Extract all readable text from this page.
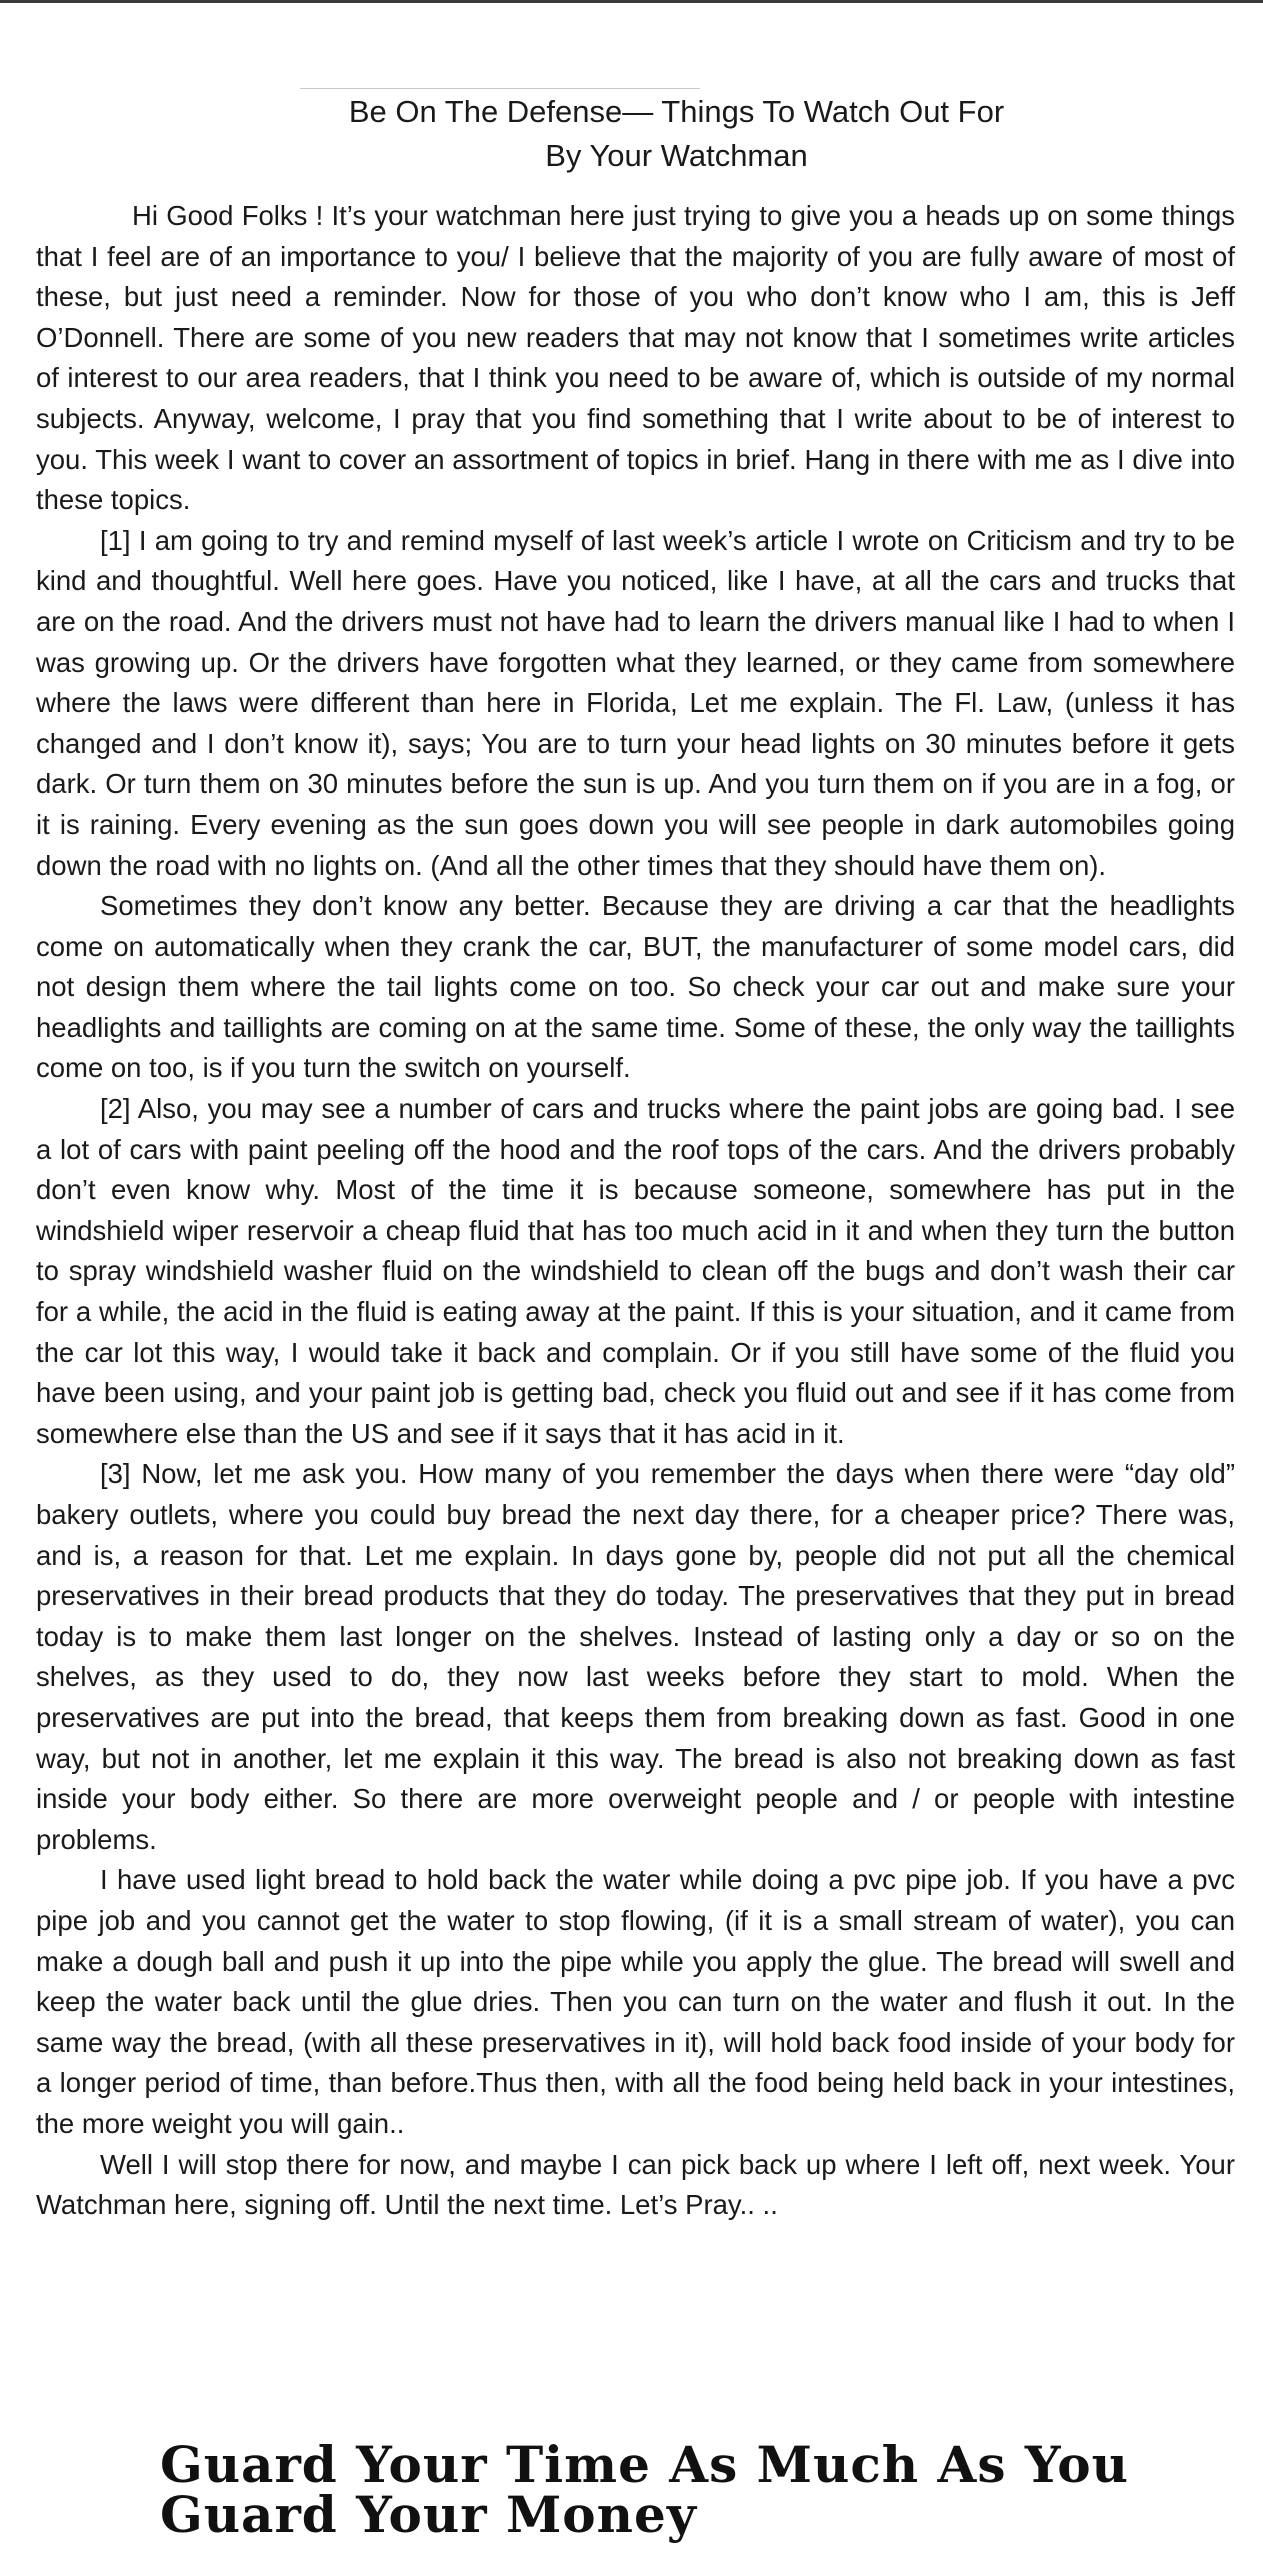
Be On The Defense— Things To Watch Out For
By Your Watchman

Hi Good Folks ! It’s your watchman here just trying to give you a heads up on some things that I feel are of an importance to you/ I believe that the majority of you are fully aware of most of these, but just need a reminder. Now for those of you who don’t know who I am, this is Jeff O’Donnell. There are some of you new readers that may not know that I sometimes write articles of interest to our area readers, that I think you need to be aware of, which is outside of my normal subjects. Anyway, welcome, I pray that you find something that I write about to be of interest to you. This week I want to cover an assortment of topics in brief. Hang in there with me as I dive into these topics.

[1] I am going to try and remind myself of last week’s article I wrote on Criticism and try to be kind and thoughtful. Well here goes. Have you noticed, like I have, at all the cars and trucks that are on the road. And the drivers must not have had to learn the drivers manual like I had to when I was growing up. Or the drivers have forgotten what they learned, or they came from somewhere where the laws were different than here in Florida, Let me explain. The Fl. Law, (unless it has changed and I don’t know it), says; You are to turn your head lights on 30 minutes before it gets dark. Or turn them on 30 minutes before the sun is up. And you turn them on if you are in a fog, or it is raining. Every evening as the sun goes down you will see people in dark automobiles going down the road with no lights on. (And all the other times that they should have them on).

Sometimes they don’t know any better. Because they are driving a car that the headlights come on automatically when they crank the car, BUT, the manufacturer of some model cars, did not design them where the tail lights come on too. So check your car out and make sure your headlights and taillights are coming on at the same time. Some of these, the only way the taillights come on too, is if you turn the switch on yourself.

[2] Also, you may see a number of cars and trucks where the paint jobs are going bad. I see a lot of cars with paint peeling off the hood and the roof tops of the cars. And the drivers probably don’t even know why. Most of the time it is because someone, somewhere has put in the windshield wiper reservoir a cheap fluid that has too much acid in it and when they turn the button to spray windshield washer fluid on the windshield to clean off the bugs and don’t wash their car for a while, the acid in the fluid is eating away at the paint. If this is your situation, and it came from the car lot this way, I would take it back and complain. Or if you still have some of the fluid you have been using, and your paint job is getting bad, check you fluid out and see if it has come from somewhere else than the US and see if it says that it has acid in it.

[3] Now, let me ask you. How many of you remember the days when there were “day old” bakery outlets, where you could buy bread the next day there, for a cheaper price? There was, and is, a reason for that. Let me explain. In days gone by, people did not put all the chemical preservatives in their bread products that they do today. The preservatives that they put in bread today is to make them last longer on the shelves. Instead of lasting only a day or so on the shelves, as they used to do, they now last weeks before they start to mold. When the preservatives are put into the bread, that keeps them from breaking down as fast. Good in one way, but not in another, let me explain it this way. The bread is also not breaking down as fast inside your body either. So there are more overweight people and / or people with intestine problems.

I have used light bread to hold back the water while doing a pvc pipe job. If you have a pvc pipe job and you cannot get the water to stop flowing, (if it is a small stream of water), you can make a dough ball and push it up into the pipe while you apply the glue. The bread will swell and keep the water back until the glue dries. Then you can turn on the water and flush it out. In the same way the bread, (with all these preservatives in it), will hold back food inside of your body for a longer period of time, than before.Thus then, with all the food being held back in your intestines, the more weight you will gain..

Well I will stop there for now, and maybe I can pick back up where I left off, next week. Your Watchman here, signing off. Until the next time. Let’s Pray.. ..

Guard Your Time As Much As You
Guard Your Money
